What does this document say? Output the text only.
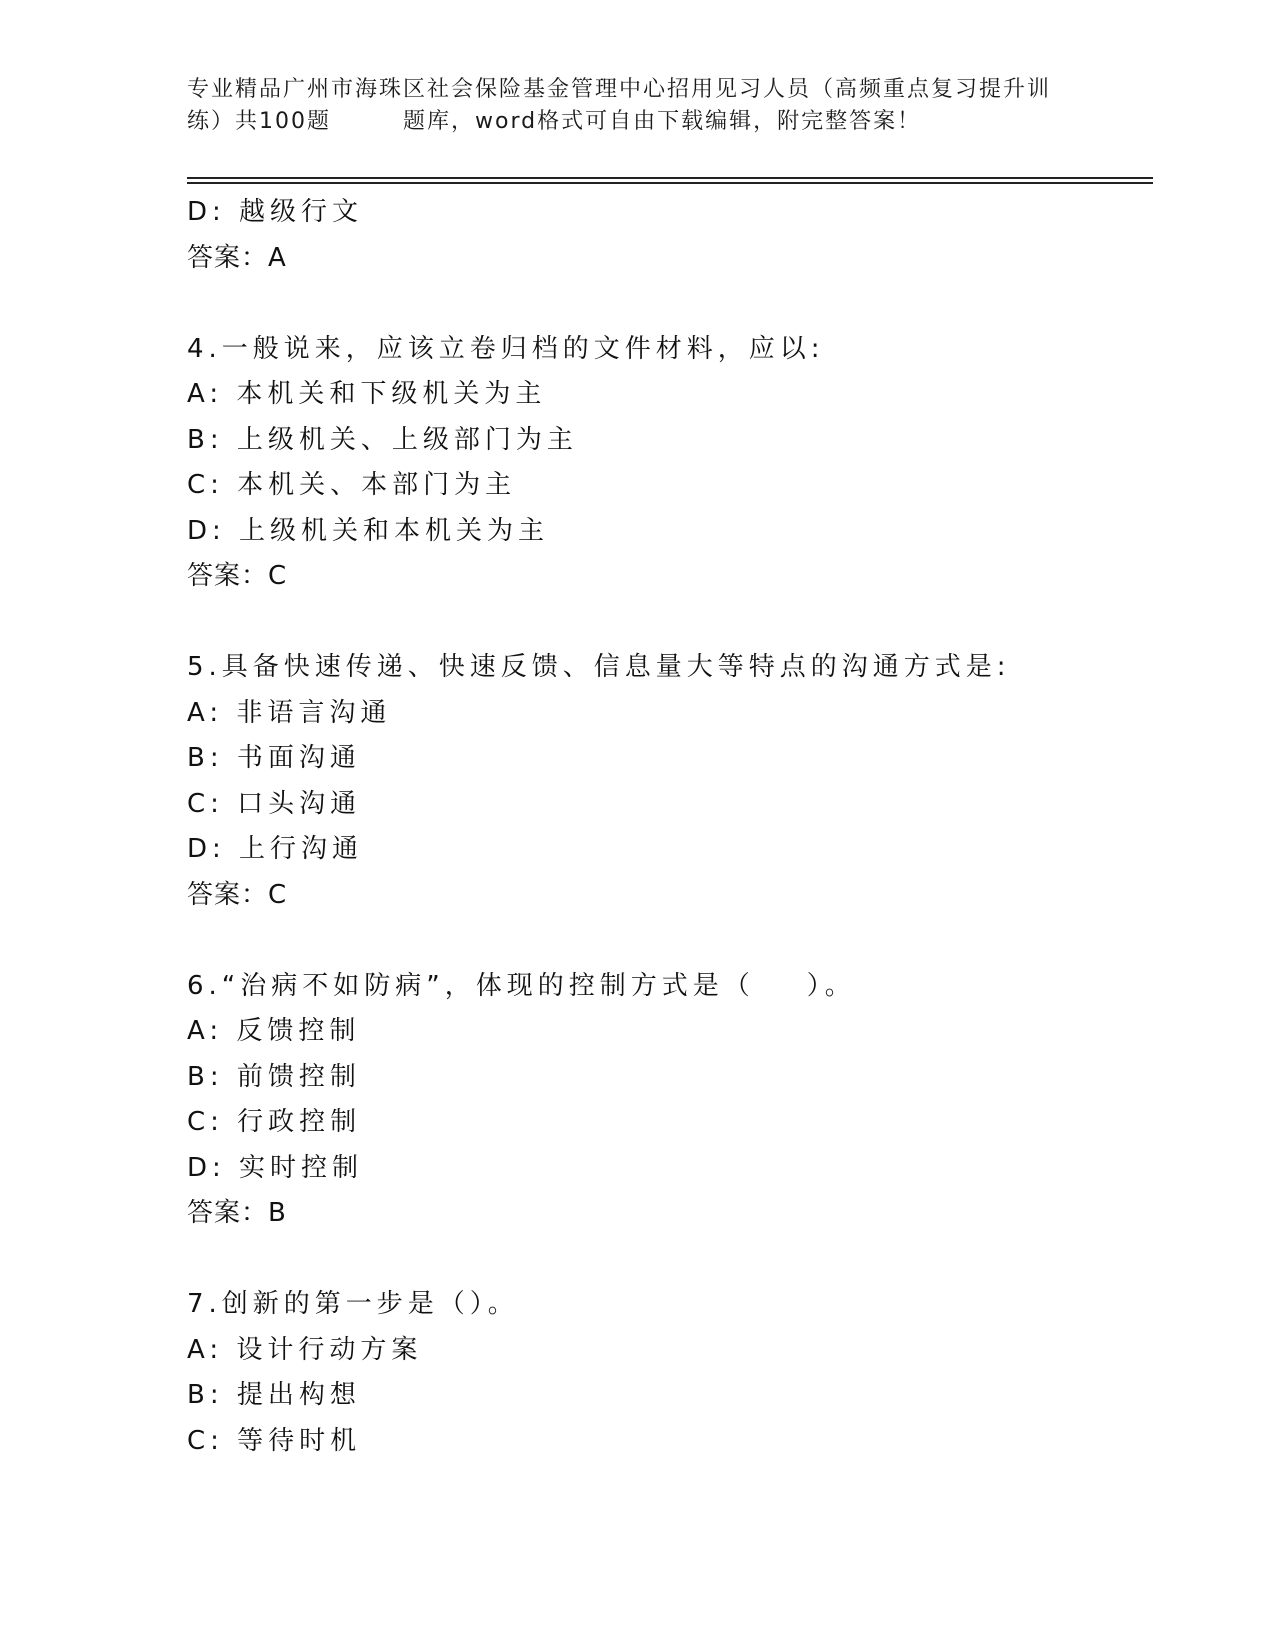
专业精品广州市海珠区社会保险基金管理中心招用见习人员（高频重点复习提升训
练）共100题	题库，word格式可自由下载编辑，附完整答案！
D: 越级行文
答案：A
4.一般说来，应该立卷归档的文件材料，应以:
A: 本机关和下级机关为主
B: 上级机关、上级部门为主
C: 本机关、本部门为主
D: 上级机关和本机关为主
答案：C
5.具备快速传递、快速反馈、信息量大等特点的沟通方式是:
A: 非语言沟通
B: 书面沟通
C: 口头沟通
D: 上行沟通
答案：C
6.“治病不如防病”，体现的控制方式是（ ）。
A: 反馈控制
B: 前馈控制
C: 行政控制
D: 实时控制
答案：B
7.创新的第一步是（）。
A: 设计行动方案
B: 提出构想
C: 等待时机
